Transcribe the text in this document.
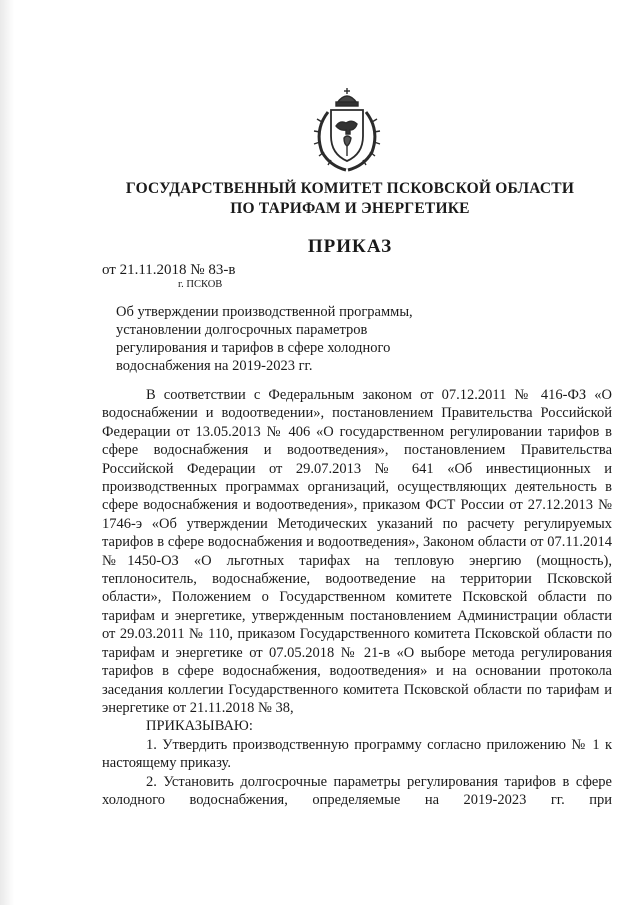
ГОСУДАРСТВЕННЫЙ КОМИТЕТ ПСКОВСКОЙ ОБЛАСТИ
ПО ТАРИФАМ И ЭНЕРГЕТИКЕ
ПРИКАЗ
от 21.11.2018 № 83-в
г. ПСКОВ
Об утверждении производственной программы,
установлении долгосрочных параметров
регулирования и тарифов в сфере холодного
водоснабжения на 2019-2023 гг.

В соответствии с Федеральным законом от 07.12.2011 № 416-ФЗ «О водоснабжении и водоотведении», постановлением Правительства Российской Федерации от 13.05.2013 № 406 «О государственном регулировании тарифов в сфере водоснабжения и водоотведения», постановлением Правительства Российской Федерации от 29.07.2013 № 641 «Об инвестиционных и производственных программах организаций, осуществляющих деятельность в сфере водоснабжения и водоотведения», приказом ФСТ России от 27.12.2013 № 1746-э «Об утверждении Методических указаний по расчету регулируемых тарифов в сфере водоснабжения и водоотведения», Законом области от 07.11.2014 №1450-ОЗ «О льготных тарифах на тепловую энергию (мощность), теплоноситель, водоснабжение, водоотведение на территории Псковской области», Положением о Государственном комитете Псковской области по тарифам и энергетике, утвержденным постановлением Администрации области от 29.03.2011 № 110, приказом Государственного комитета Псковской области по тарифам и энергетике от 07.05.2018 № 21-в «О выборе метода регулирования тарифов в сфере водоснабжения, водоотведения» и на основании протокола заседания коллегии Государственного комитета Псковской области по тарифам и энергетике от 21.11.2018 № 38,

ПРИКАЗЫВАЮ:

1. Утвердить производственную программу согласно приложению № 1 к настоящему приказу.

2. Установить долгосрочные параметры регулирования тарифов в сфере холодного водоснабжения, определяемые на 2019-2023 гг. при
